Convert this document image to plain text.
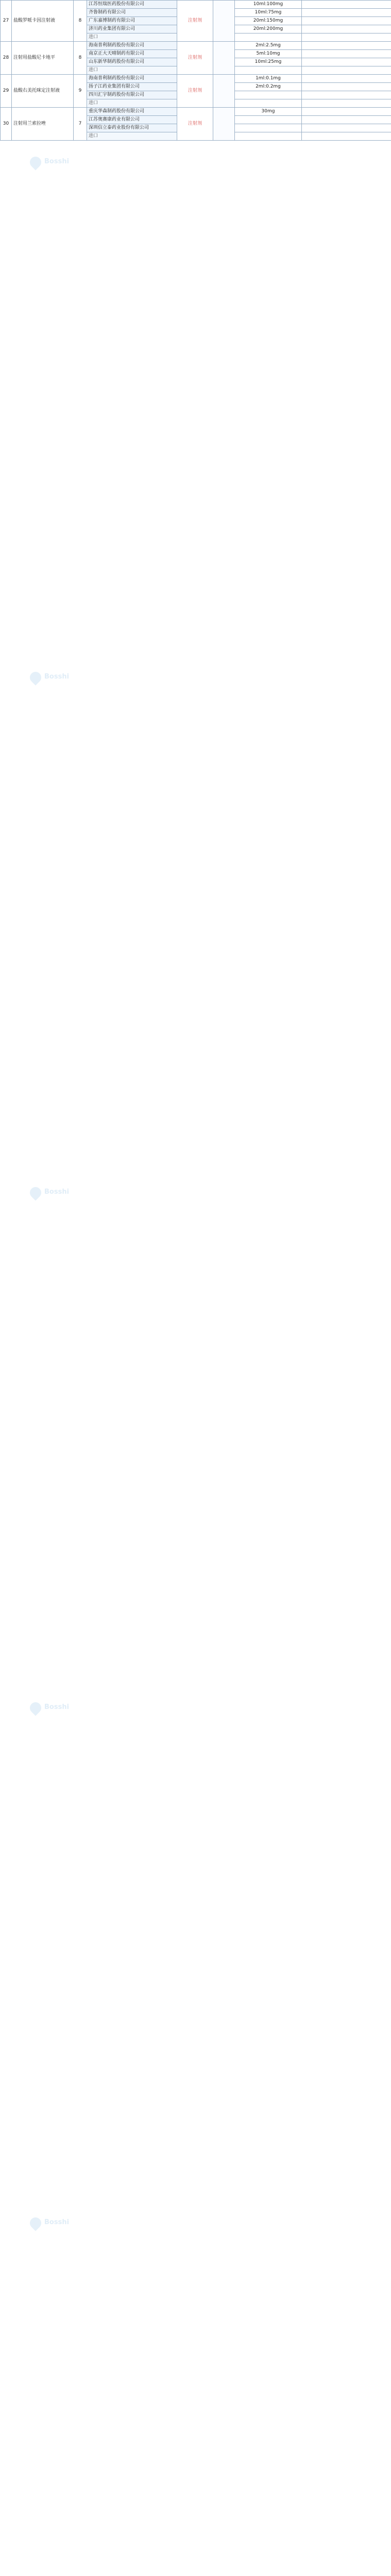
Bosshi
Bosshi
Bosshi
Bosshi
Bosshi
27	盐酸罗哌卡因注射液	8	江苏恒瑞医药股份有限公司	注射剂		10ml:100mg	
			齐鲁制药有限公司			10ml:75mg	
			广东嘉博制药有限公司			20ml:150mg	
			济川药业集团有限公司			20ml:200mg	
			进口				
28	注射用盐酸尼卡地平	8	海南普利制药股份有限公司	注射剂		2ml:2.5mg	
			南京正大天晴制药有限公司			5ml:10mg	
			山东新华制药股份有限公司			10ml:25mg	
			进口				
29	盐酸右美托咪定注射液	9	海南普利制药股份有限公司	注射剂		1ml:0.1mg	
			扬子江药业集团有限公司			2ml:0.2mg	
			四川汇宇制药股份有限公司				
			进口				
30	注射用兰索拉唑	7	重庆华森制药股份有限公司	注射剂		30mg	
			江苏奥赛康药业有限公司				
			深圳信立泰药业股份有限公司				
			进口				
